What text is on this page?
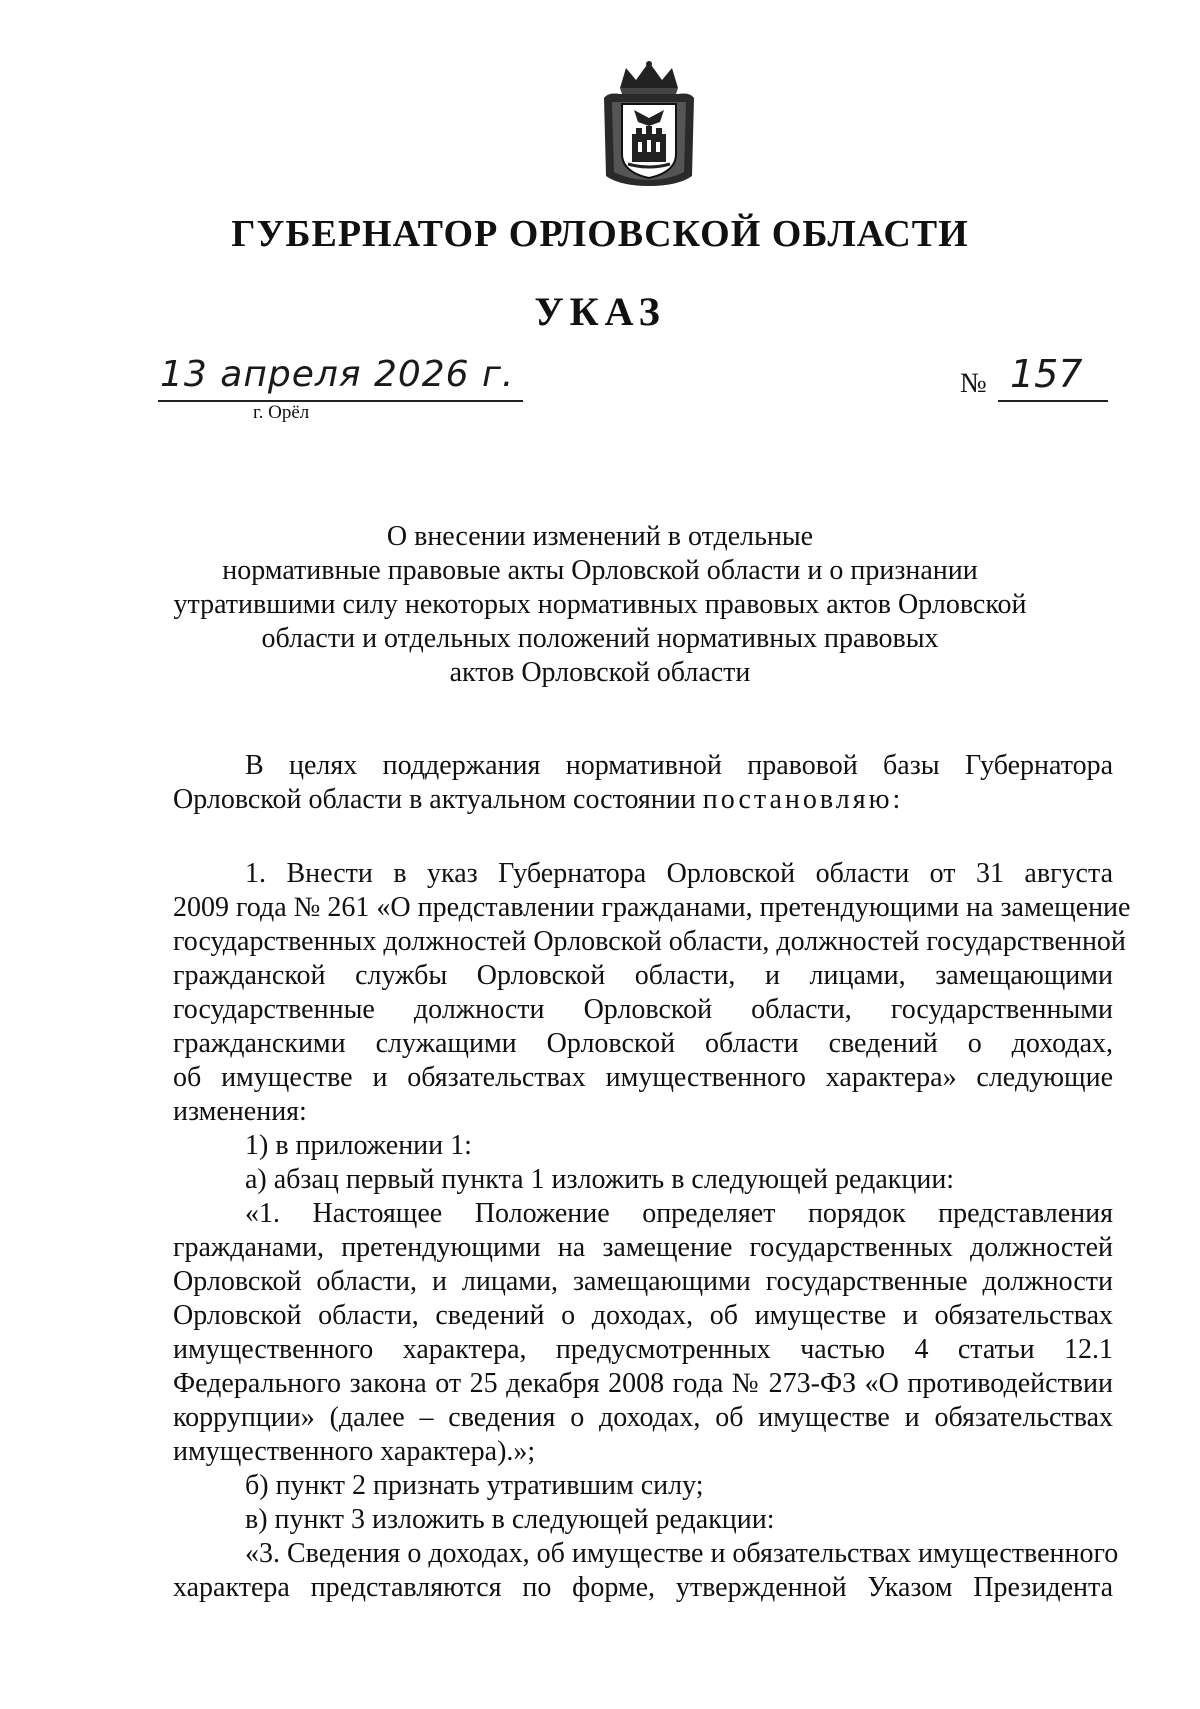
ГУБЕРНАТОР ОРЛОВСКОЙ ОБЛАСТИ
УКАЗ
13 апреля 2026 г.
г. Орёл
№ 157
О внесении изменений в отдельные
нормативные правовые акты Орловской области и о признании
утратившими силу некоторых нормативных правовых актов Орловской
области и отдельных положений нормативных правовых
актов Орловской области
В целях поддержания нормативной правовой базы Губернатора
Орловской области в актуальном состоянии постановляю:
1. Внести в указ Губернатора Орловской области от 31 августа
2009 года № 261 «О представлении гражданами, претендующими на замещение
государственных должностей Орловской области, должностей государственной
гражданской службы Орловской области, и лицами, замещающими
государственные должности Орловской области, государственными
гражданскими служащими Орловской области сведений о доходах,
об имуществе и обязательствах имущественного характера» следующие
изменения:
1) в приложении 1:
а) абзац первый пункта 1 изложить в следующей редакции:
«1. Настоящее Положение определяет порядок представления
гражданами, претендующими на замещение государственных должностей
Орловской области, и лицами, замещающими государственные должности
Орловской области, сведений о доходах, об имуществе и обязательствах
имущественного характера, предусмотренных частью 4 статьи 12.1
Федерального закона от 25 декабря 2008 года № 273-ФЗ «О противодействии
коррупции» (далее – сведения о доходах, об имуществе и обязательствах
имущественного характера).»;
б) пункт 2 признать утратившим силу;
в) пункт 3 изложить в следующей редакции:
«3. Сведения о доходах, об имуществе и обязательствах имущественного
характера представляются по форме, утвержденной Указом Президента
